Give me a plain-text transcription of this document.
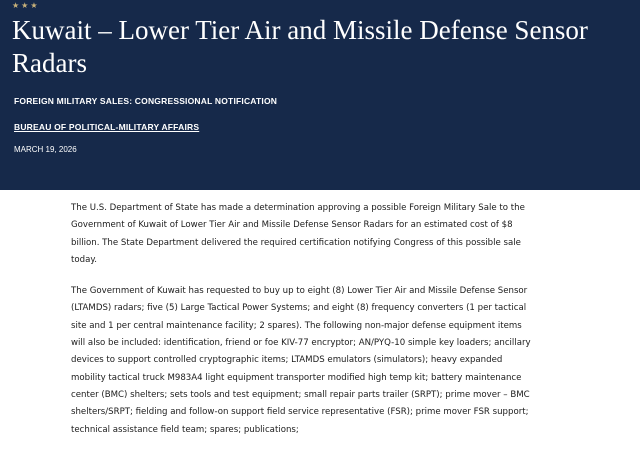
★★★
Kuwait – Lower Tier Air and Missile Defense Sensor Radars
FOREIGN MILITARY SALES: CONGRESSIONAL NOTIFICATION
BUREAU OF POLITICAL-MILITARY AFFAIRS
MARCH 19, 2026

The U.S. Department of State has made a determination approving a possible Foreign Military Sale to the Government of Kuwait of Lower Tier Air and Missile Defense Sensor Radars for an estimated cost of $8 billion. The State Department delivered the required certification notifying Congress of this possible sale today.

The Government of Kuwait has requested to buy up to eight (8) Lower Tier Air and Missile Defense Sensor (LTAMDS) radars; five (5) Large Tactical Power Systems; and eight (8) frequency converters (1 per tactical site and 1 per central maintenance facility; 2 spares). The following non-major defense equipment items will also be included: identification, friend or foe KIV-77 encryptor; AN/PYQ-10 simple key loaders; ancillary devices to support controlled cryptographic items; LTAMDS emulators (simulators); heavy expanded mobility tactical truck M983A4 light equipment transporter modified high temp kit; battery maintenance center (BMC) shelters; sets tools and test equipment; small repair parts trailer (SRPT); prime mover – BMC shelters/SRPT; fielding and follow-on support field service representative (FSR); prime mover FSR support; technical assistance field team; spares; publications;
